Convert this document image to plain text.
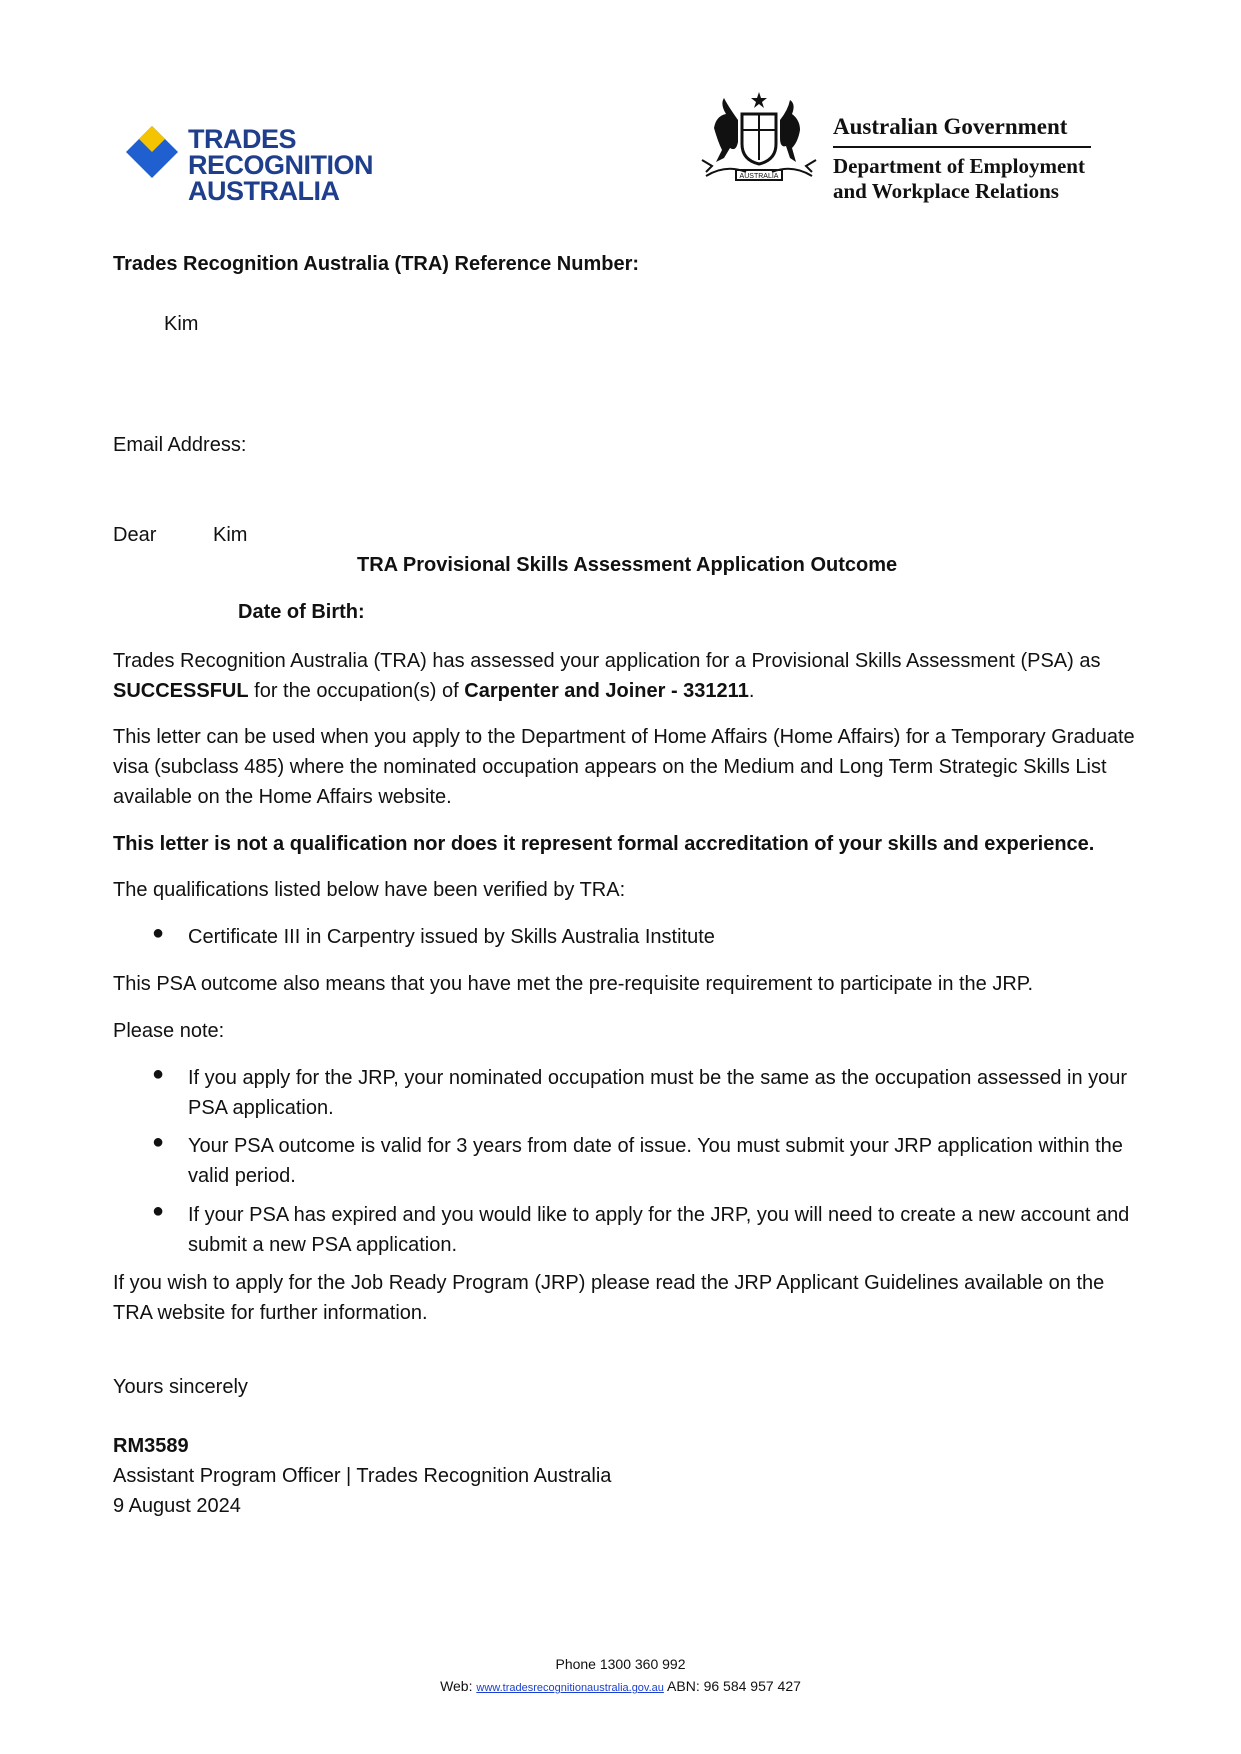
TRADES RECOGNITION
AUSTRALIA	AUSTRALIA
Australian Government
Department of Employment
and Workplace Relations
Trades Recognition Australia (TRA) Reference Number:
Kim
Email Address:
Dear	Kim
TRA Provisional Skills Assessment Application Outcome
Date of Birth:
Trades Recognition Australia (TRA) has assessed your application for a Provisional Skills Assessment (PSA) as SUCCESSFUL for the occupation(s) of Carpenter and Joiner - 331211.
This letter can be used when you apply to the Department of Home Affairs (Home Affairs) for a Temporary Graduate visa (subclass 485) where the nominated occupation appears on the Medium and Long Term Strategic Skills List available on the Home Affairs website.
This letter is not a qualification nor does it represent formal accreditation of your skills and experience.
The qualifications listed below have been verified by TRA:
● Certificate III in Carpentry issued by Skills Australia Institute
This PSA outcome also means that you have met the pre-requisite requirement to participate in the JRP.
Please note:
● If you apply for the JRP, your nominated occupation must be the same as the occupation assessed in your PSA application.
● Your PSA outcome is valid for 3 years from date of issue. You must submit your JRP application within the valid period.
● If your PSA has expired and you would like to apply for the JRP, you will need to create a new account and submit a new PSA application.
If you wish to apply for the Job Ready Program (JRP) please read the JRP Applicant Guidelines available on the TRA website for further information.
Yours sincerely
RM3589
Assistant Program Officer | Trades Recognition Australia
9 August 2024
Phone 1300 360 992
Web: www.tradesrecognitionaustralia.gov.au ABN: 96 584 957 427
